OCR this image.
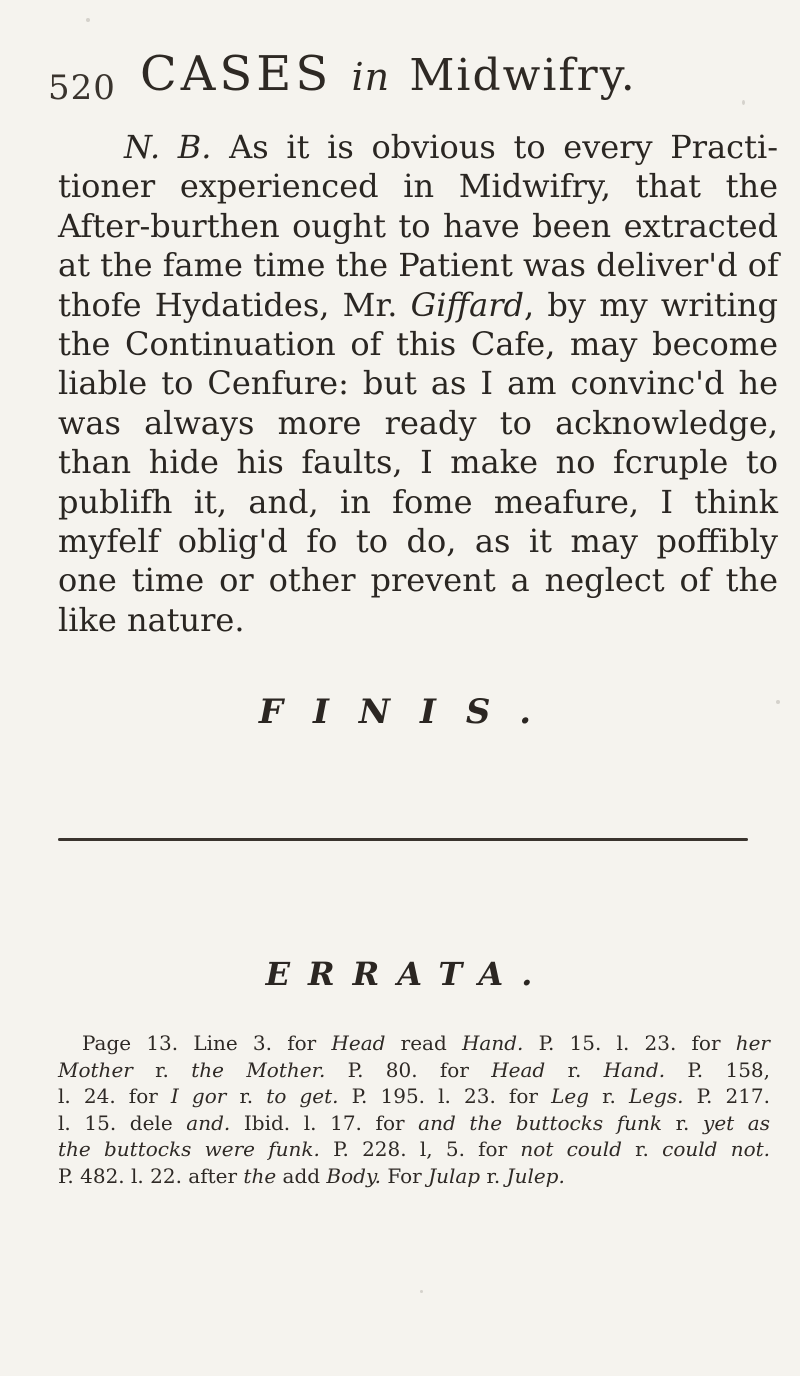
520 CASES in Midwifry.
N. B. As it is obvious to every Practi-
tioner experienced in Midwifry, that the
After-burthen ought to have been extracted
at the fame time the Patient was deliver'd of
thofe Hydatides, Mr. Giffard, by my writing
the Continuation of this Cafe, may become
liable to Cenfure: but as I am convinc'd he
was always more ready to acknowledge,
than hide his faults, I make no fcruple to
publifh it, and, in fome meafure, I think
myfelf oblig'd fo to do, as it may poffibly
one time or other prevent a neglect of the
like nature.
FINIS.
ERRATA.
Page 13. Line 3. for Head read Hand. P. 15. l. 23. for her
Mother r. the Mother. P. 80. for Head r. Hand. P. 158,
l. 24. for I gor r. to get. P. 195. l. 23. for Leg r. Legs. P. 217.
l. 15. dele and. Ibid. l. 17. for and the buttocks funk r. yet as
the buttocks were funk. P. 228. l, 5. for not could r. could not.
P. 482. l. 22. after the add Body. For Julap r. Julep.
